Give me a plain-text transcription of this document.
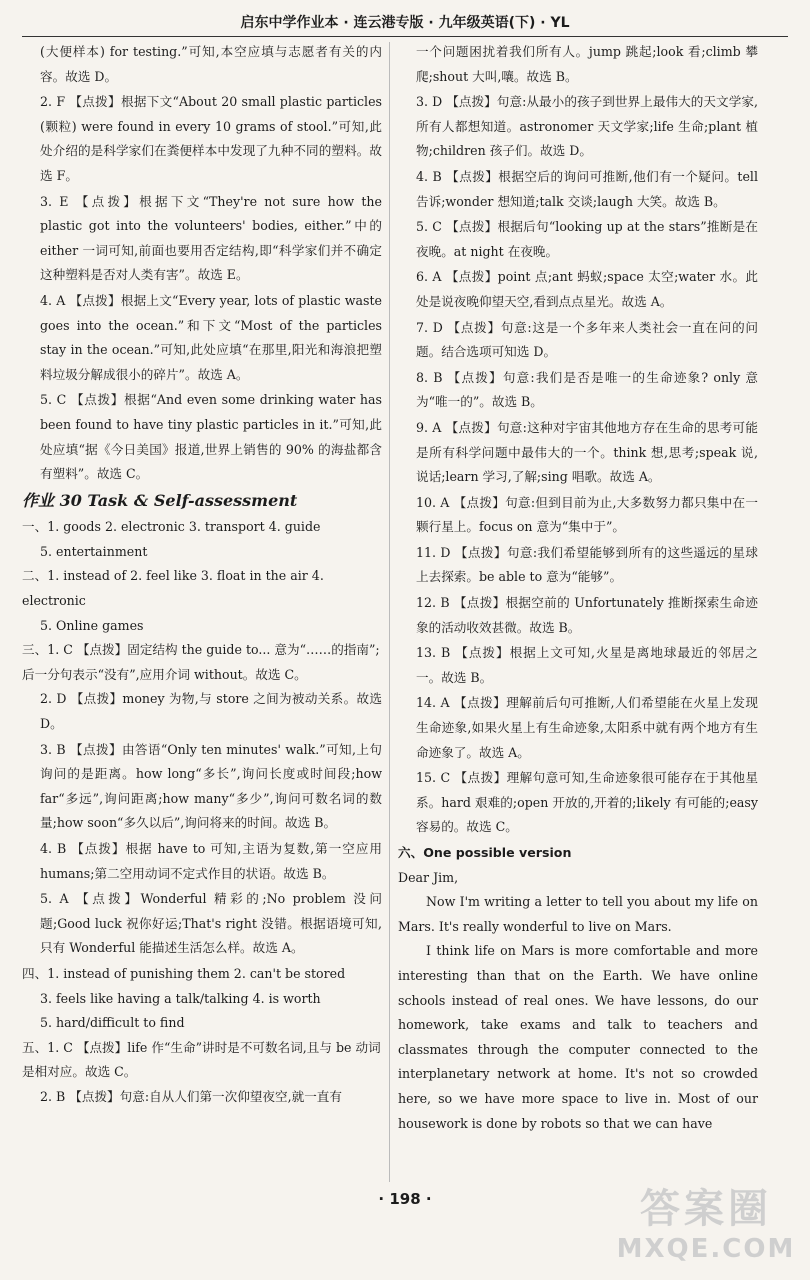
启东中学作业本 · 连云港专版 · 九年级英语(下) · YL

(大便样本) for testing.”可知,本空应填与志愿者有关的内容。故选 D。

2. F 【点拨】根据下文“About 20 small plastic particles (颗粒) were found in every 10 grams of stool.”可知,此处介绍的是科学家们在粪便样本中发现了九种不同的塑料。故选 F。

3. E 【点拨】根据下文“They're not sure how the plastic got into the volunteers' bodies, either.”中的 either 一词可知,前面也要用否定结构,即“科学家们并不确定这种塑料是否对人类有害”。故选 E。

4. A 【点拨】根据上文“Every year, lots of plastic waste goes into the ocean.”和下文“Most of the particles stay in the ocean.”可知,此处应填“在那里,阳光和海浪把塑料垃圾分解成很小的碎片”。故选 A。

5. C 【点拨】根据“And even some drinking water has been found to have tiny plastic particles in it.”可知,此处应填“据《今日美国》报道,世界上销售的 90% 的海盐都含有塑料”。故选 C。

作业 30 Task & Self-assessment

一、1. goods 2. electronic 3. transport 4. guide

5. entertainment

二、1. instead of 2. feel like 3. float in the air 4. electronic

5. Online games

三、1. C 【点拨】固定结构 the guide to... 意为“……的指南”;后一分句表示“没有”,应用介词 without。故选 C。

2. D 【点拨】money 为物,与 store 之间为被动关系。故选 D。

3. B 【点拨】由答语“Only ten minutes' walk.”可知,上句询问的是距离。how long“多长”,询问长度或时间段;how far“多远”,询问距离;how many“多少”,询问可数名词的数量;how soon“多久以后”,询问将来的时间。故选 B。

4. B 【点拨】根据 have to 可知,主语为复数,第一空应用 humans;第二空用动词不定式作目的状语。故选 B。

5. A 【点拨】Wonderful 精彩的;No problem 没问题;Good luck 祝你好运;That's right 没错。根据语境可知,只有 Wonderful 能描述生活怎么样。故选 A。

四、1. instead of punishing them 2. can't be stored

3. feels like having a talk/talking 4. is worth

5. hard/difficult to find

五、1. C 【点拨】life 作“生命”讲时是不可数名词,且与 be 动词是相对应。故选 C。

2. B 【点拨】句意:自从人们第一次仰望夜空,就一直有

一个问题困扰着我们所有人。jump 跳起;look 看;climb 攀爬;shout 大叫,嚷。故选 B。

3. D 【点拨】句意:从最小的孩子到世界上最伟大的天文学家,所有人都想知道。astronomer 天文学家;life 生命;plant 植物;children 孩子们。故选 D。

4. B 【点拨】根据空后的询问可推断,他们有一个疑问。tell 告诉;wonder 想知道;talk 交谈;laugh 大笑。故选 B。

5. C 【点拨】根据后句“looking up at the stars”推断是在夜晚。at night 在夜晚。

6. A 【点拨】point 点;ant 蚂蚁;space 太空;water 水。此处是说夜晚仰望天空,看到点点星光。故选 A。

7. D 【点拨】句意:这是一个多年来人类社会一直在问的问题。结合选项可知选 D。

8. B 【点拨】句意:我们是否是唯一的生命迹象? only 意为“唯一的”。故选 B。

9. A 【点拨】句意:这种对宇宙其他地方存在生命的思考可能是所有科学问题中最伟大的一个。think 想,思考;speak 说,说话;learn 学习,了解;sing 唱歌。故选 A。

10. A 【点拨】句意:但到目前为止,大多数努力都只集中在一颗行星上。focus on 意为“集中于”。

11. D 【点拨】句意:我们希望能够到所有的这些遥远的星球上去探索。be able to 意为“能够”。

12. B 【点拨】根据空前的 Unfortunately 推断探索生命迹象的活动收效甚微。故选 B。

13. B 【点拨】根据上文可知,火星是离地球最近的邻居之一。故选 B。

14. A 【点拨】理解前后句可推断,人们希望能在火星上发现生命迹象,如果火星上有生命迹象,太阳系中就有两个地方有生命迹象了。故选 A。

15. C 【点拨】理解句意可知,生命迹象很可能存在于其他星系。hard 艰难的;open 开放的,开着的;likely 有可能的;easy 容易的。故选 C。

六、One possible version

Dear Jim,

Now I'm writing a letter to tell you about my life on Mars. It's really wonderful to live on Mars.

I think life on Mars is more comfortable and more interesting than that on the Earth. We have online schools instead of real ones. We have lessons, do our homework, take exams and talk to teachers and classmates through the computer connected to the interplanetary network at home. It's not so crowded here, so we have more space to live in. Most of our housework is done by robots so that we can have

· 198 ·	答案圈
MXQE.COM
